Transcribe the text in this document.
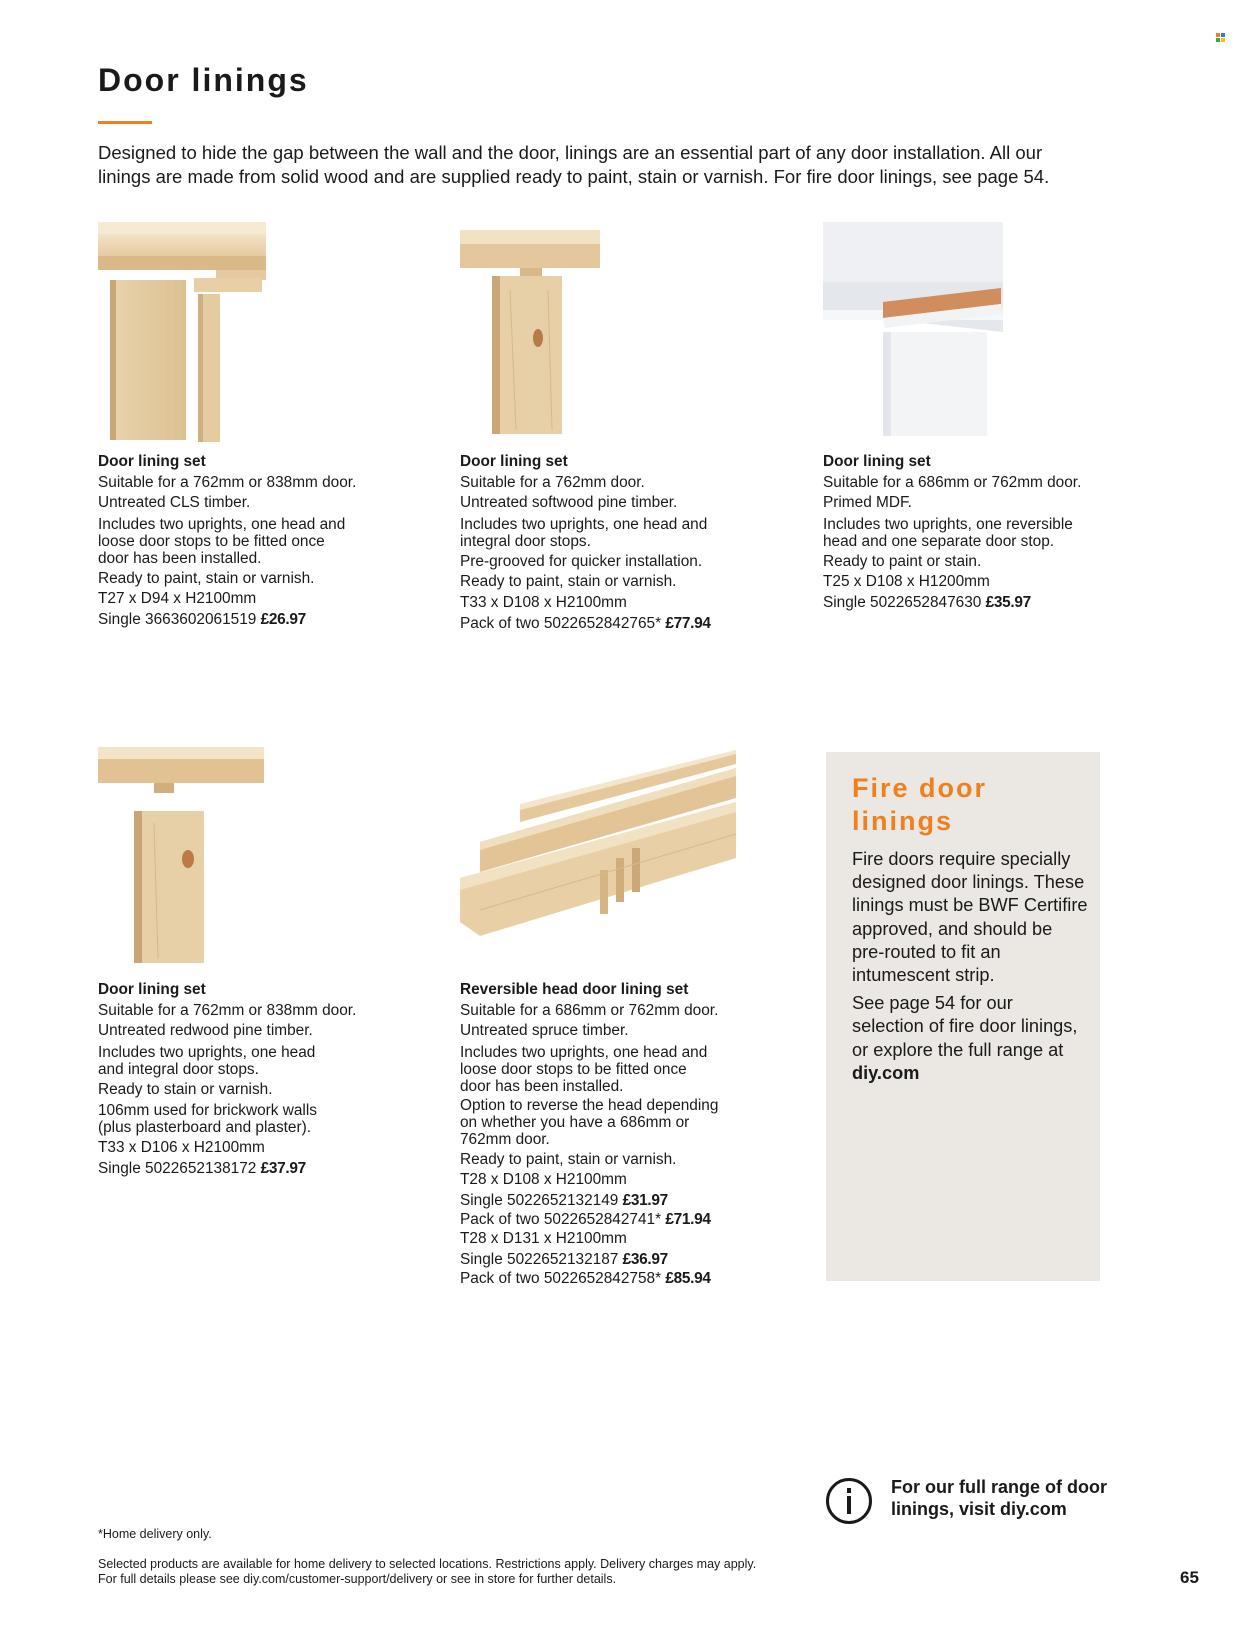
Door linings

Designed to hide the gap between the wall and the door, linings are an essential part of any door installation. All our linings are made from solid wood and are supplied ready to paint, stain or varnish. For fire door linings, see page 54.

Door lining set
Suitable for a 762mm or 838mm door.
Untreated CLS timber.
Includes two uprights, one head and loose door stops to be fitted once door has been installed.
Ready to paint, stain or varnish.
T27 x D94 x H2100mm
Single 3663602061519 £26.97
Door lining set
Suitable for a 762mm door.
Untreated softwood pine timber.
Includes two uprights, one head and integral door stops.
Pre-grooved for quicker installation.
Ready to paint, stain or varnish.
T33 x D108 x H2100mm
Pack of two 5022652842765* £77.94
Door lining set
Suitable for a 686mm or 762mm door.
Primed MDF.
Includes two uprights, one reversible head and one separate door stop.
Ready to paint or stain.
T25 x D108 x H1200mm
Single 5022652847630 £35.97
Door lining set
Suitable for a 762mm or 838mm door.
Untreated redwood pine timber.
Includes two uprights, one head and integral door stops.
Ready to stain or varnish.
106mm used for brickwork walls (plus plasterboard and plaster).
T33 x D106 x H2100mm
Single 5022652138172 £37.97
Reversible head door lining set
Suitable for a 686mm or 762mm door.
Untreated spruce timber.
Includes two uprights, one head and loose door stops to be fitted once door has been installed.
Option to reverse the head depending on whether you have a 686mm or 762mm door.
Ready to paint, stain or varnish.
T28 x D108 x H2100mm
Single 5022652132149 £31.97
Pack of two 5022652842741* £71.94
T28 x D131 x H2100mm
Single 5022652132187 £36.97
Pack of two 5022652842758* £85.94
Fire door linings

Fire doors require specially designed door linings. These linings must be BWF Certifire approved, and should be pre-routed to fit an intumescent strip.

See page 54 for our selection of fire door linings, or explore the full range at diy.com

For our full range of door linings, visit diy.com
*Home delivery only.
Selected products are available for home delivery to selected locations. Restrictions apply. Delivery charges may apply.
For full details please see diy.com/customer-support/delivery or see in store for further details.	65
